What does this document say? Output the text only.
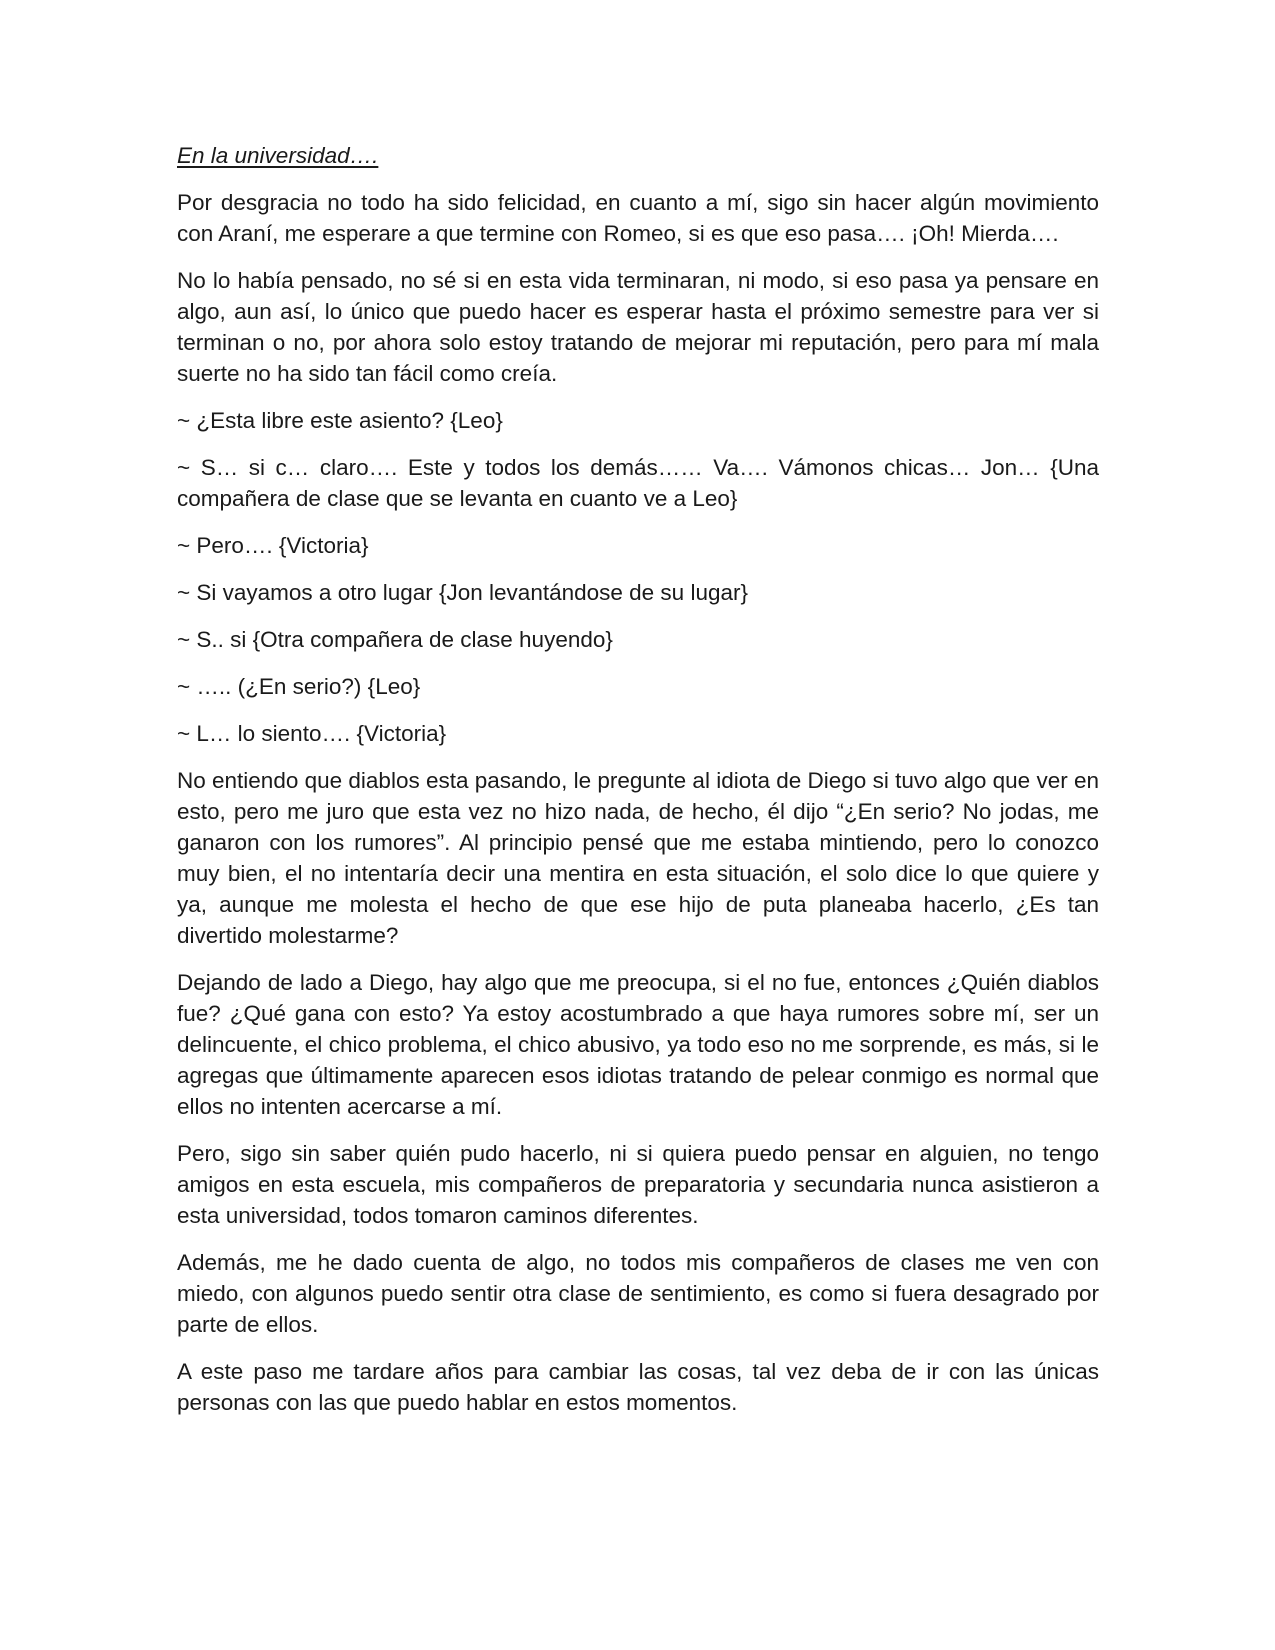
En la universidad….

Por desgracia no todo ha sido felicidad, en cuanto a mí, sigo sin hacer algún movimiento con Araní, me esperare a que termine con Romeo, si es que eso pasa…. ¡Oh! Mierda….

No lo había pensado, no sé si en esta vida terminaran, ni modo, si eso pasa ya pensare en algo, aun así, lo único que puedo hacer es esperar hasta el próximo semestre para ver si terminan o no, por ahora solo estoy tratando de mejorar mi reputación, pero para mí mala suerte no ha sido tan fácil como creía.

~ ¿Esta libre este asiento? {Leo}

~ S… si c… claro…. Este y todos los demás…… Va…. Vámonos chicas… Jon… {Una compañera de clase que se levanta en cuanto ve a Leo}

~ Pero…. {Victoria}

~ Si vayamos a otro lugar {Jon levantándose de su lugar}

~ S.. si {Otra compañera de clase huyendo}

~ ….. (¿En serio?) {Leo}

~ L… lo siento…. {Victoria}

No entiendo que diablos esta pasando, le pregunte al idiota de Diego si tuvo algo que ver en esto, pero me juro que esta vez no hizo nada, de hecho, él dijo “¿En serio? No jodas, me ganaron con los rumores”. Al principio pensé que me estaba mintiendo, pero lo conozco muy bien, el no intentaría decir una mentira en esta situación, el solo dice lo que quiere y ya, aunque me molesta el hecho de que ese hijo de puta planeaba hacerlo, ¿Es tan divertido molestarme?

Dejando de lado a Diego, hay algo que me preocupa, si el no fue, entonces ¿Quién diablos fue? ¿Qué gana con esto? Ya estoy acostumbrado a que haya rumores sobre mí, ser un delincuente, el chico problema, el chico abusivo, ya todo eso no me sorprende, es más, si le agregas que últimamente aparecen esos idiotas tratando de pelear conmigo es normal que ellos no intenten acercarse a mí.

Pero, sigo sin saber quién pudo hacerlo, ni si quiera puedo pensar en alguien, no tengo amigos en esta escuela, mis compañeros de preparatoria y secundaria nunca asistieron a esta universidad, todos tomaron caminos diferentes.

Además, me he dado cuenta de algo, no todos mis compañeros de clases me ven con miedo, con algunos puedo sentir otra clase de sentimiento, es como si fuera desagrado por parte de ellos.

A este paso me tardare años para cambiar las cosas, tal vez deba de ir con las únicas personas con las que puedo hablar en estos momentos.
